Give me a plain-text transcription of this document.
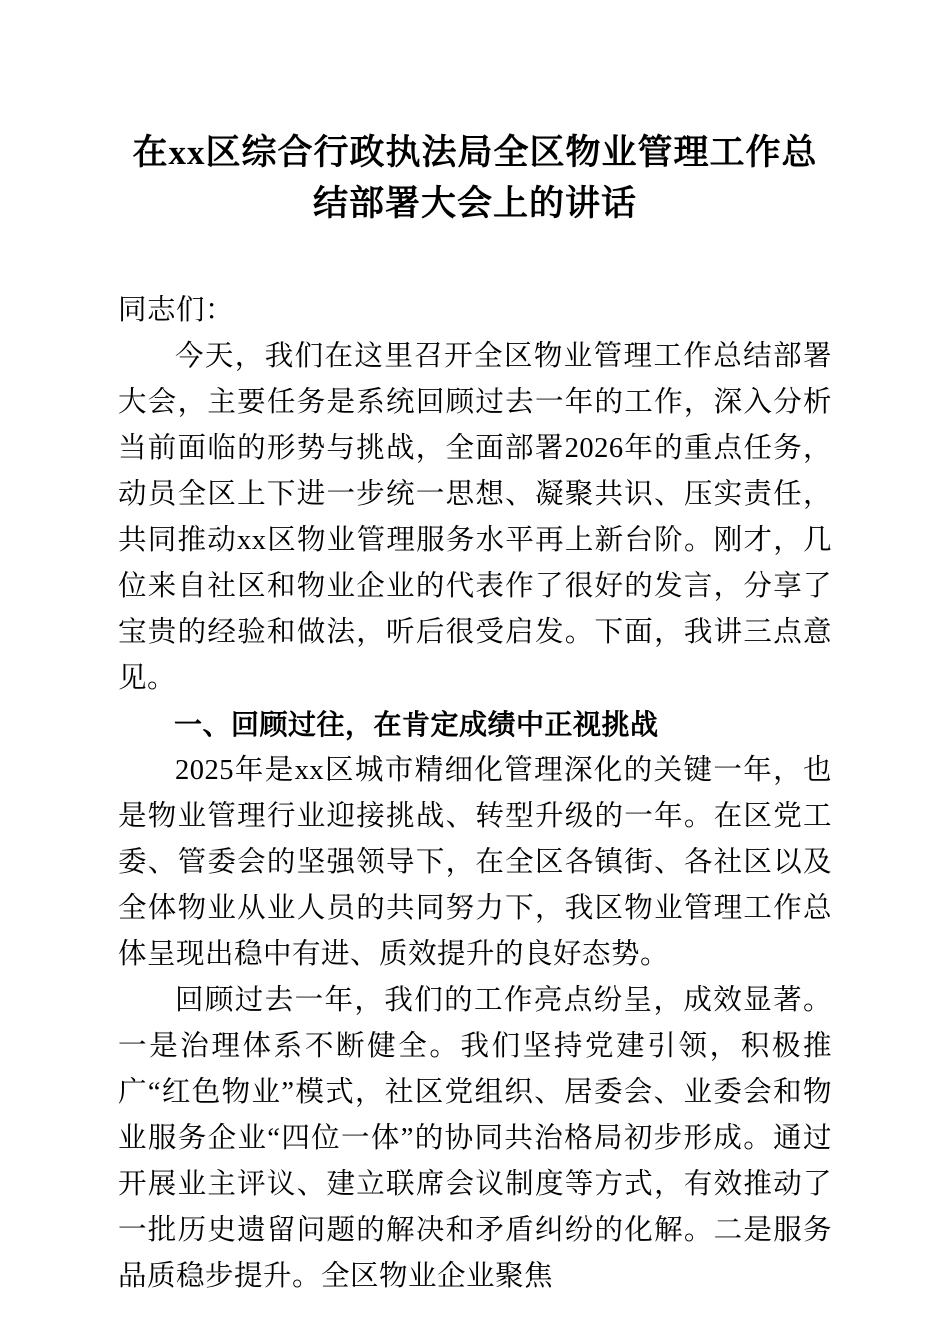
在xx区综合行政执法局全区物业管理工作总结部署大会上的讲话

同志们：

今天，我们在这里召开全区物业管理工作总结部署大会，主要任务是系统回顾过去一年的工作，深入分析当前面临的形势与挑战，全面部署2026年的重点任务，动员全区上下进一步统一思想、凝聚共识、压实责任，共同推动xx区物业管理服务水平再上新台阶。刚才，几位来自社区和物业企业的代表作了很好的发言，分享了宝贵的经验和做法，听后很受启发。下面，我讲三点意见。

一、回顾过往，在肯定成绩中正视挑战

2025年是xx区城市精细化管理深化的关键一年，也是物业管理行业迎接挑战、转型升级的一年。在区党工委、管委会的坚强领导下，在全区各镇街、各社区以及全体物业从业人员的共同努力下，我区物业管理工作总体呈现出稳中有进、质效提升的良好态势。

回顾过去一年，我们的工作亮点纷呈，成效显著。一是治理体系不断健全。我们坚持党建引领，积极推广“红色物业”模式，社区党组织、居委会、业委会和物业服务企业“四位一体”的协同共治格局初步形成。通过开展业主评议、建立联席会议制度等方式，有效推动了一批历史遗留问题的解决和矛盾纠纷的化解。二是服务品质稳步提升。全区物业企业聚焦
